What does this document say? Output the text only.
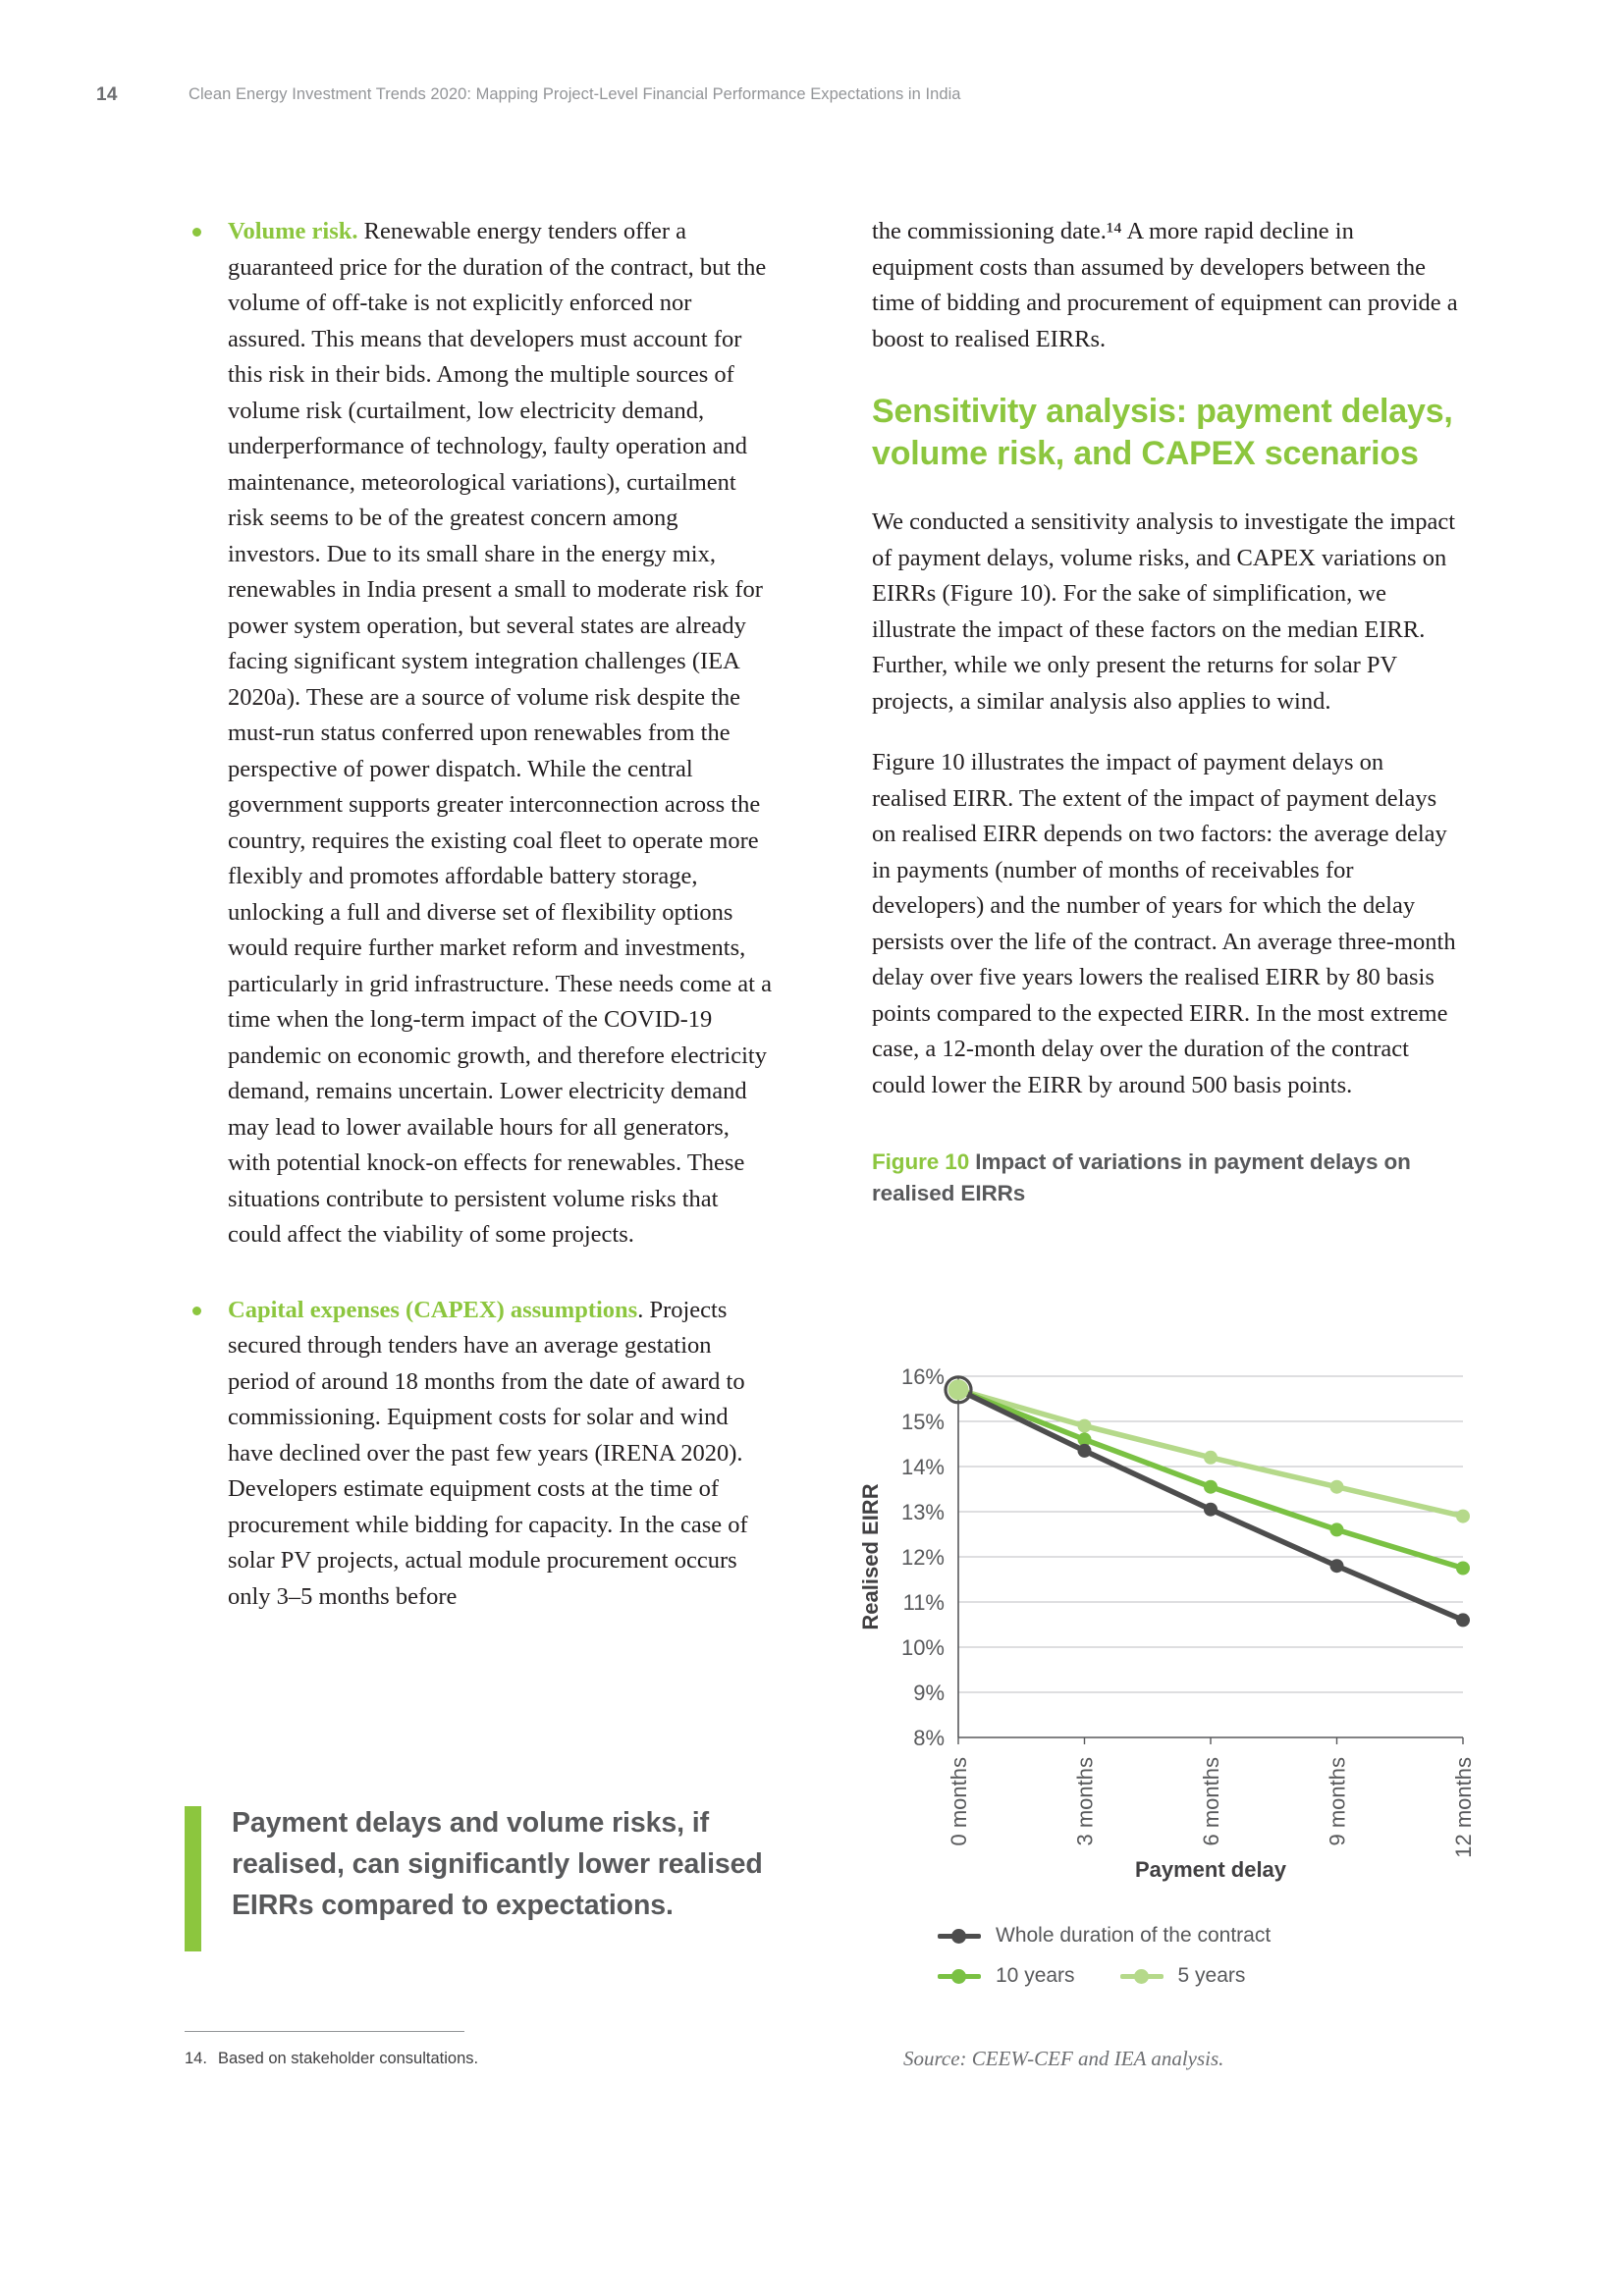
14	Clean Energy Investment Trends 2020: Mapping Project-Level Financial Performance Expectations in India
Volume risk. Renewable energy tenders offer a guaranteed price for the duration of the contract, but the volume of off-take is not explicitly enforced nor assured. This means that developers must account for this risk in their bids. Among the multiple sources of volume risk (curtailment, low electricity demand, underperformance of technology, faulty operation and maintenance, meteorological variations), curtailment risk seems to be of the greatest concern among investors. Due to its small share in the energy mix, renewables in India present a small to moderate risk for power system operation, but several states are already facing significant system integration challenges (IEA 2020a). These are a source of volume risk despite the must-run status conferred upon renewables from the perspective of power dispatch. While the central government supports greater interconnection across the country, requires the existing coal fleet to operate more flexibly and promotes affordable battery storage, unlocking a full and diverse set of flexibility options would require further market reform and investments, particularly in grid infrastructure. These needs come at a time when the long-term impact of the COVID-19 pandemic on economic growth, and therefore electricity demand, remains uncertain. Lower electricity demand may lead to lower available hours for all generators, with potential knock-on effects for renewables. These situations contribute to persistent volume risks that could affect the viability of some projects.
Capital expenses (CAPEX) assumptions. Projects secured through tenders have an average gestation period of around 18 months from the date of award to commissioning. Equipment costs for solar and wind have declined over the past few years (IRENA 2020). Developers estimate equipment costs at the time of procurement while bidding for capacity. In the case of solar PV projects, actual module procurement occurs only 3–5 months before
Payment delays and volume risks, if realised, can significantly lower realised EIRRs compared to expectations.
14. Based on stakeholder consultations.

the commissioning date.¹⁴ A more rapid decline in equipment costs than assumed by developers between the time of bidding and procurement of equipment can provide a boost to realised EIRRs.

Sensitivity analysis: payment delays, volume risk, and CAPEX scenarios

We conducted a sensitivity analysis to investigate the impact of payment delays, volume risks, and CAPEX variations on EIRRs (Figure 10). For the sake of simplification, we illustrate the impact of these factors on the median EIRR. Further, while we only present the returns for solar PV projects, a similar analysis also applies to wind.

Figure 10 illustrates the impact of payment delays on realised EIRR. The extent of the impact of payment delays on realised EIRR depends on two factors: the average delay in payments (number of months of receivables for developers) and the number of years for which the delay persists over the life of the contract. An average three-month delay over five years lowers the realised EIRR by 80 basis points compared to the expected EIRR. In the most extreme case, a 12-month delay over the duration of the contract could lower the EIRR by around 500 basis points.

Figure 10 Impact of variations in payment delays on realised EIRRs
16%
15%
14%
13%
12%
11%
10%
9%
8%
Realised EIRR
0 months	3 months	6 months	9 months	12 months
Payment delay
Whole duration of the contract
10 years	5 years
Source: CEEW-CEF and IEA analysis.
